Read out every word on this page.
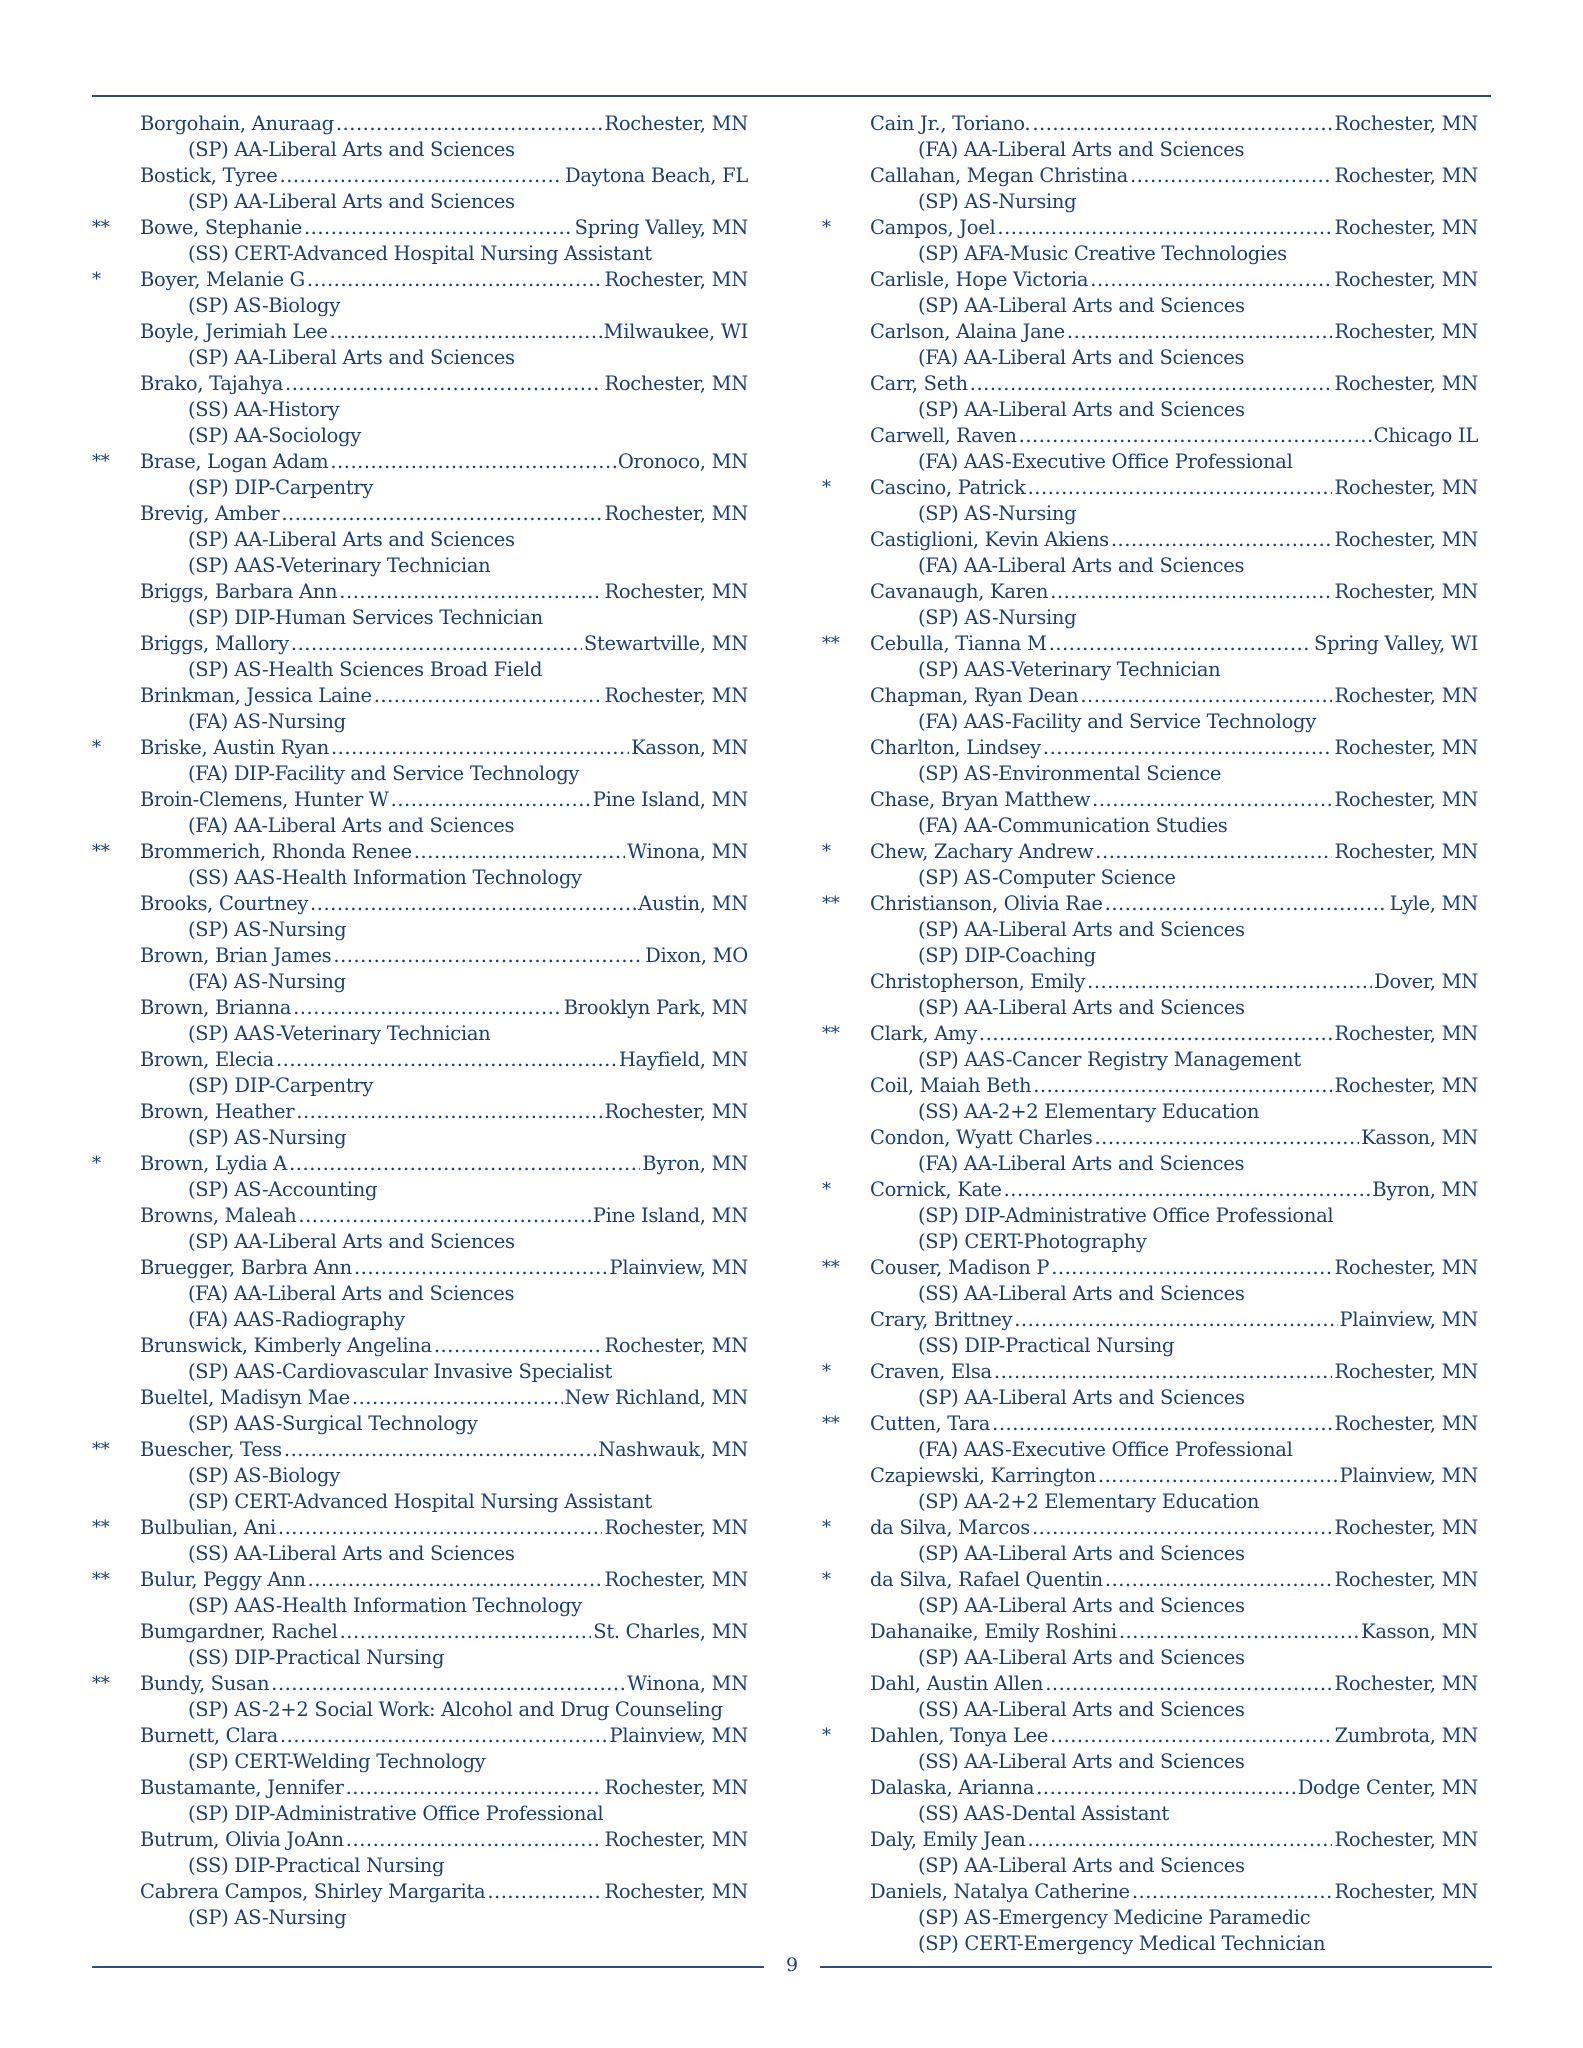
Borgohain, Anuraag .....	Rochester, MN
(SP) AA-Liberal Arts and Sciences
Bostick, Tyree .....	Daytona Beach, FL
(SP) AA-Liberal Arts and Sciences
**	Bowe, Stephanie .....	Spring Valley, MN
(SS) CERT-Advanced Hospital Nursing Assistant
*	Boyer, Melanie G .....	Rochester, MN
(SP) AS-Biology
Boyle, Jerimiah Lee .....	Milwaukee, WI
(SP) AA-Liberal Arts and Sciences
Brako, Tajahya .....	Rochester, MN
(SS) AA-History
(SP) AA-Sociology
**	Brase, Logan Adam .....	Oronoco, MN
(SP) DIP-Carpentry
Brevig, Amber .....	Rochester, MN
(SP) AA-Liberal Arts and Sciences
(SP) AAS-Veterinary Technician
Briggs, Barbara Ann .....	Rochester, MN
(SP) DIP-Human Services Technician
Briggs, Mallory .....	Stewartville, MN
(SP) AS-Health Sciences Broad Field
Brinkman, Jessica Laine .....	Rochester, MN
(FA) AS-Nursing
*	Briske, Austin Ryan .....	Kasson, MN
(FA) DIP-Facility and Service Technology
Broin-Clemens, Hunter W .....	Pine Island, MN
(FA) AA-Liberal Arts and Sciences
**	Brommerich, Rhonda Renee .....	Winona, MN
(SS) AAS-Health Information Technology
Brooks, Courtney .....	Austin, MN
(SP) AS-Nursing
Brown, Brian James .....	Dixon, MO
(FA) AS-Nursing
Brown, Brianna .....	Brooklyn Park, MN
(SP) AAS-Veterinary Technician
Brown, Elecia .....	Hayfield, MN
(SP) DIP-Carpentry
Brown, Heather .....	Rochester, MN
(SP) AS-Nursing
*	Brown, Lydia A .....	Byron, MN
(SP) AS-Accounting
Browns, Maleah .....	Pine Island, MN
(SP) AA-Liberal Arts and Sciences
Bruegger, Barbra Ann .....	Plainview, MN
(FA) AA-Liberal Arts and Sciences
(FA) AAS-Radiography
Brunswick, Kimberly Angelina .....	Rochester, MN
(SP) AAS-Cardiovascular Invasive Specialist
Bueltel, Madisyn Mae .....	New Richland, MN
(SP) AAS-Surgical Technology
**	Buescher, Tess .....	Nashwauk, MN
(SP) AS-Biology
(SP) CERT-Advanced Hospital Nursing Assistant
**	Bulbulian, Ani .....	Rochester, MN
(SS) AA-Liberal Arts and Sciences
**	Bulur, Peggy Ann .....	Rochester, MN
(SP) AAS-Health Information Technology
Bumgardner, Rachel .....	St. Charles, MN
(SS) DIP-Practical Nursing
**	Bundy, Susan .....	Winona, MN
(SP) AS-2+2 Social Work: Alcohol and Drug Counseling
Burnett, Clara .....	Plainview, MN
(SP) CERT-Welding Technology
Bustamante, Jennifer .....	Rochester, MN
(SP) DIP-Administrative Office Professional
Butrum, Olivia JoAnn .....	Rochester, MN
(SS) DIP-Practical Nursing
Cabrera Campos, Shirley Margarita .....	Rochester, MN
(SP) AS-Nursing
Cain Jr., Toriano. .....	Rochester, MN
(FA) AA-Liberal Arts and Sciences
Callahan, Megan Christina .....	Rochester, MN
(SP) AS-Nursing
*	Campos, Joel .....	Rochester, MN
(SP) AFA-Music Creative Technologies
Carlisle, Hope Victoria .....	Rochester, MN
(SP) AA-Liberal Arts and Sciences
Carlson, Alaina Jane .....	Rochester, MN
(FA) AA-Liberal Arts and Sciences
Carr, Seth .....	Rochester, MN
(SP) AA-Liberal Arts and Sciences
Carwell, Raven .....	Chicago IL
(FA) AAS-Executive Office Professional
*	Cascino, Patrick .....	Rochester, MN
(SP) AS-Nursing
Castiglioni, Kevin Akiens .....	Rochester, MN
(FA) AA-Liberal Arts and Sciences
Cavanaugh, Karen .....	Rochester, MN
(SP) AS-Nursing
**	Cebulla, Tianna M .....	Spring Valley, WI
(SP) AAS-Veterinary Technician
Chapman, Ryan Dean .....	Rochester, MN
(FA) AAS-Facility and Service Technology
Charlton, Lindsey .....	Rochester, MN
(SP) AS-Environmental Science
Chase, Bryan Matthew .....	Rochester, MN
(FA) AA-Communication Studies
*	Chew, Zachary Andrew .....	Rochester, MN
(SP) AS-Computer Science
**	Christianson, Olivia Rae .....	Lyle, MN
(SP) AA-Liberal Arts and Sciences
(SP) DIP-Coaching
Christopherson, Emily .....	Dover, MN
(SP) AA-Liberal Arts and Sciences
**	Clark, Amy .....	Rochester, MN
(SP) AAS-Cancer Registry Management
Coil, Maiah Beth .....	Rochester, MN
(SS) AA-2+2 Elementary Education
Condon, Wyatt Charles .....	Kasson, MN
(FA) AA-Liberal Arts and Sciences
*	Cornick, Kate .....	Byron, MN
(SP) DIP-Administrative Office Professional
(SP) CERT-Photography
**	Couser, Madison P .....	Rochester, MN
(SS) AA-Liberal Arts and Sciences
Crary, Brittney .....	Plainview, MN
(SS) DIP-Practical Nursing
*	Craven, Elsa .....	Rochester, MN
(SP) AA-Liberal Arts and Sciences
**	Cutten, Tara .....	Rochester, MN
(FA) AAS-Executive Office Professional
Czapiewski, Karrington .....	Plainview, MN
(SP) AA-2+2 Elementary Education
*	da Silva, Marcos .....	Rochester, MN
(SP) AA-Liberal Arts and Sciences
*	da Silva, Rafael Quentin .....	Rochester, MN
(SP) AA-Liberal Arts and Sciences
Dahanaike, Emily Roshini .....	Kasson, MN
(SP) AA-Liberal Arts and Sciences
Dahl, Austin Allen .....	Rochester, MN
(SS) AA-Liberal Arts and Sciences
*	Dahlen, Tonya Lee .....	Zumbrota, MN
(SS) AA-Liberal Arts and Sciences
Dalaska, Arianna .....	Dodge Center, MN
(SS) AAS-Dental Assistant
Daly, Emily Jean .....	Rochester, MN
(SP) AA-Liberal Arts and Sciences
Daniels, Natalya Catherine .....	Rochester, MN
(SP) AS-Emergency Medicine Paramedic
(SP) CERT-Emergency Medical Technician
9
